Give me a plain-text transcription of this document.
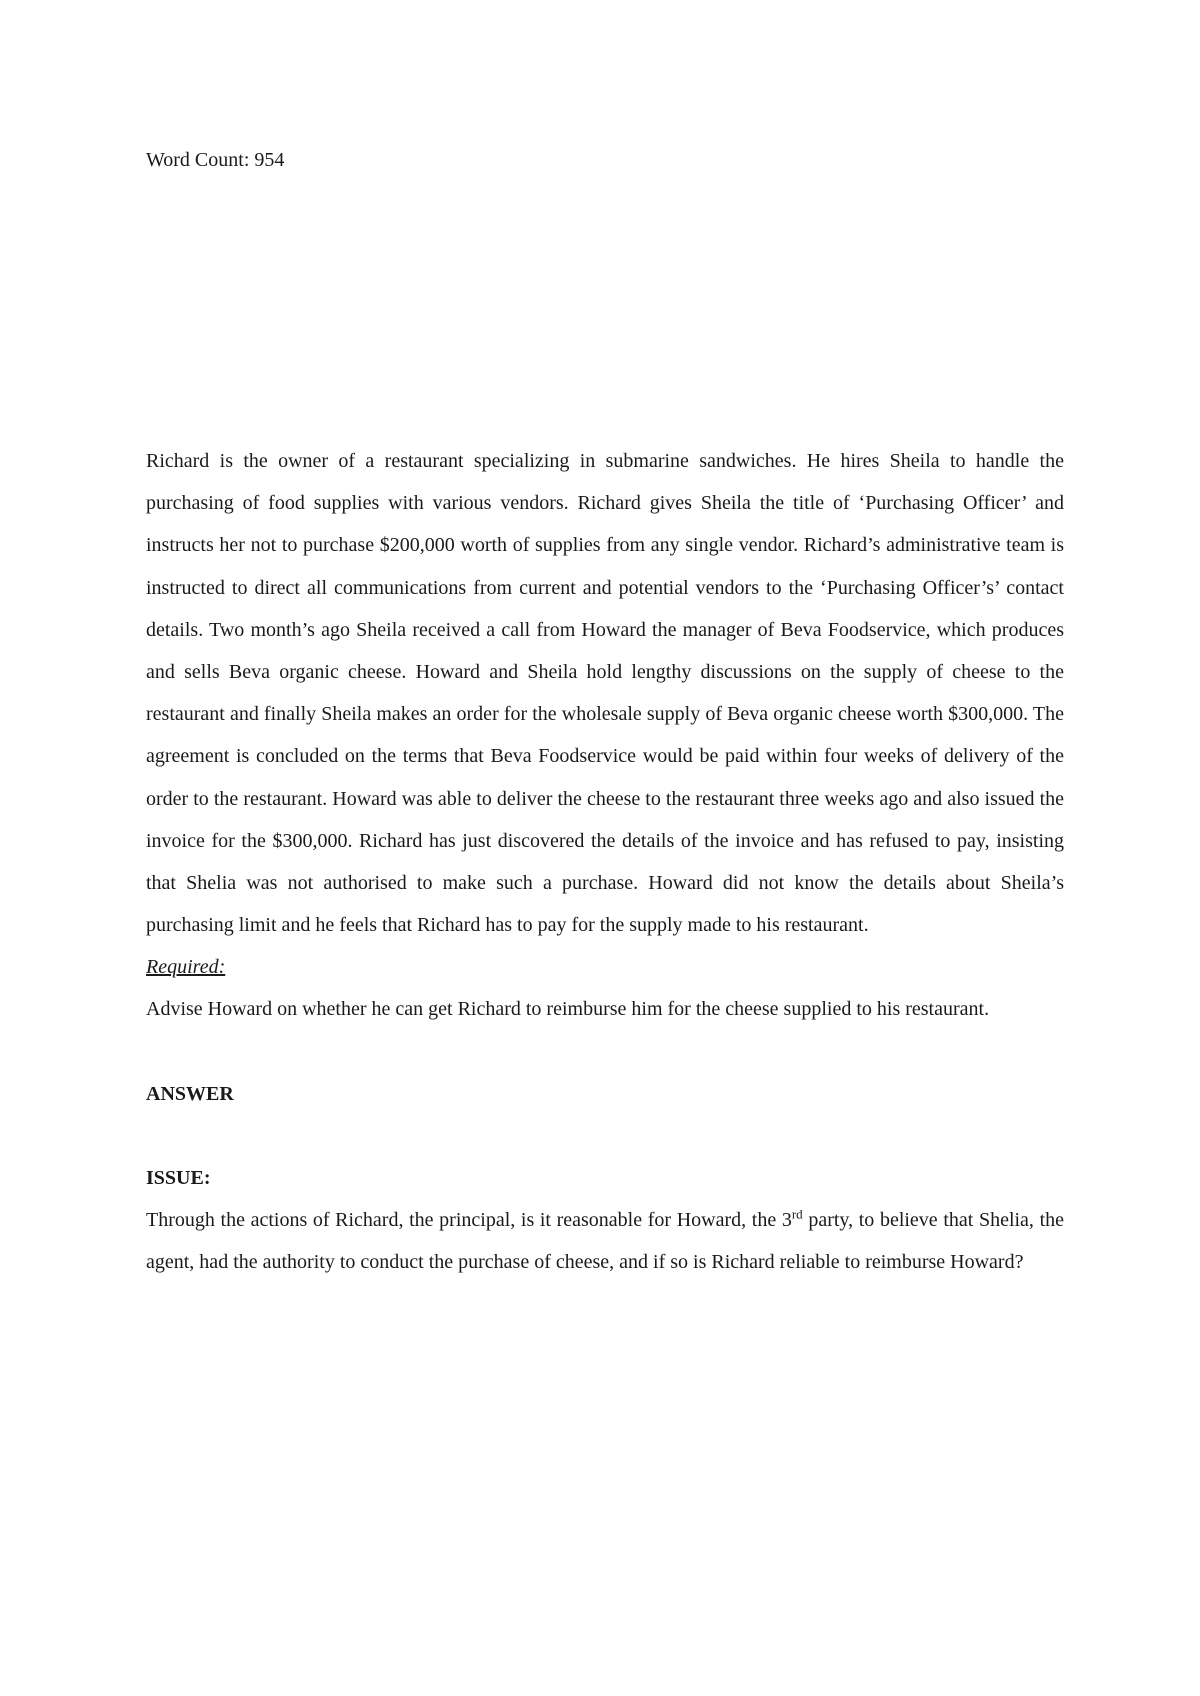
Word Count: 954

Richard is the owner of a restaurant specializing in submarine sandwiches. He hires Sheila to handle the purchasing of food supplies with various vendors. Richard gives Sheila the title of ‘Purchasing Officer’ and instructs her not to purchase $200,000 worth of supplies from any single vendor. Richard’s administrative team is instructed to direct all communications from current and potential vendors to the ‘Purchasing Officer’s’ contact details. Two month’s ago Sheila received a call from Howard the manager of Beva Foodservice, which produces and sells Beva organic cheese. Howard and Sheila hold lengthy discussions on the supply of cheese to the restaurant and finally Sheila makes an order for the wholesale supply of Beva organic cheese worth $300,000. The agreement is concluded on the terms that Beva Foodservice would be paid within four weeks of delivery of the order to the restaurant. Howard was able to deliver the cheese to the restaurant three weeks ago and also issued the invoice for the $300,000. Richard has just discovered the details of the invoice and has refused to pay, insisting that Shelia was not authorised to make such a purchase. Howard did not know the details about Sheila’s purchasing limit and he feels that Richard has to pay for the supply made to his restaurant.

Required:

Advise Howard on whether he can get Richard to reimburse him for the cheese supplied to his restaurant.

ANSWER

ISSUE:

Through the actions of Richard, the principal, is it reasonable for Howard, the 3rd party, to believe that Shelia, the agent, had the authority to conduct the purchase of cheese, and if so is Richard reliable to reimburse Howard?
